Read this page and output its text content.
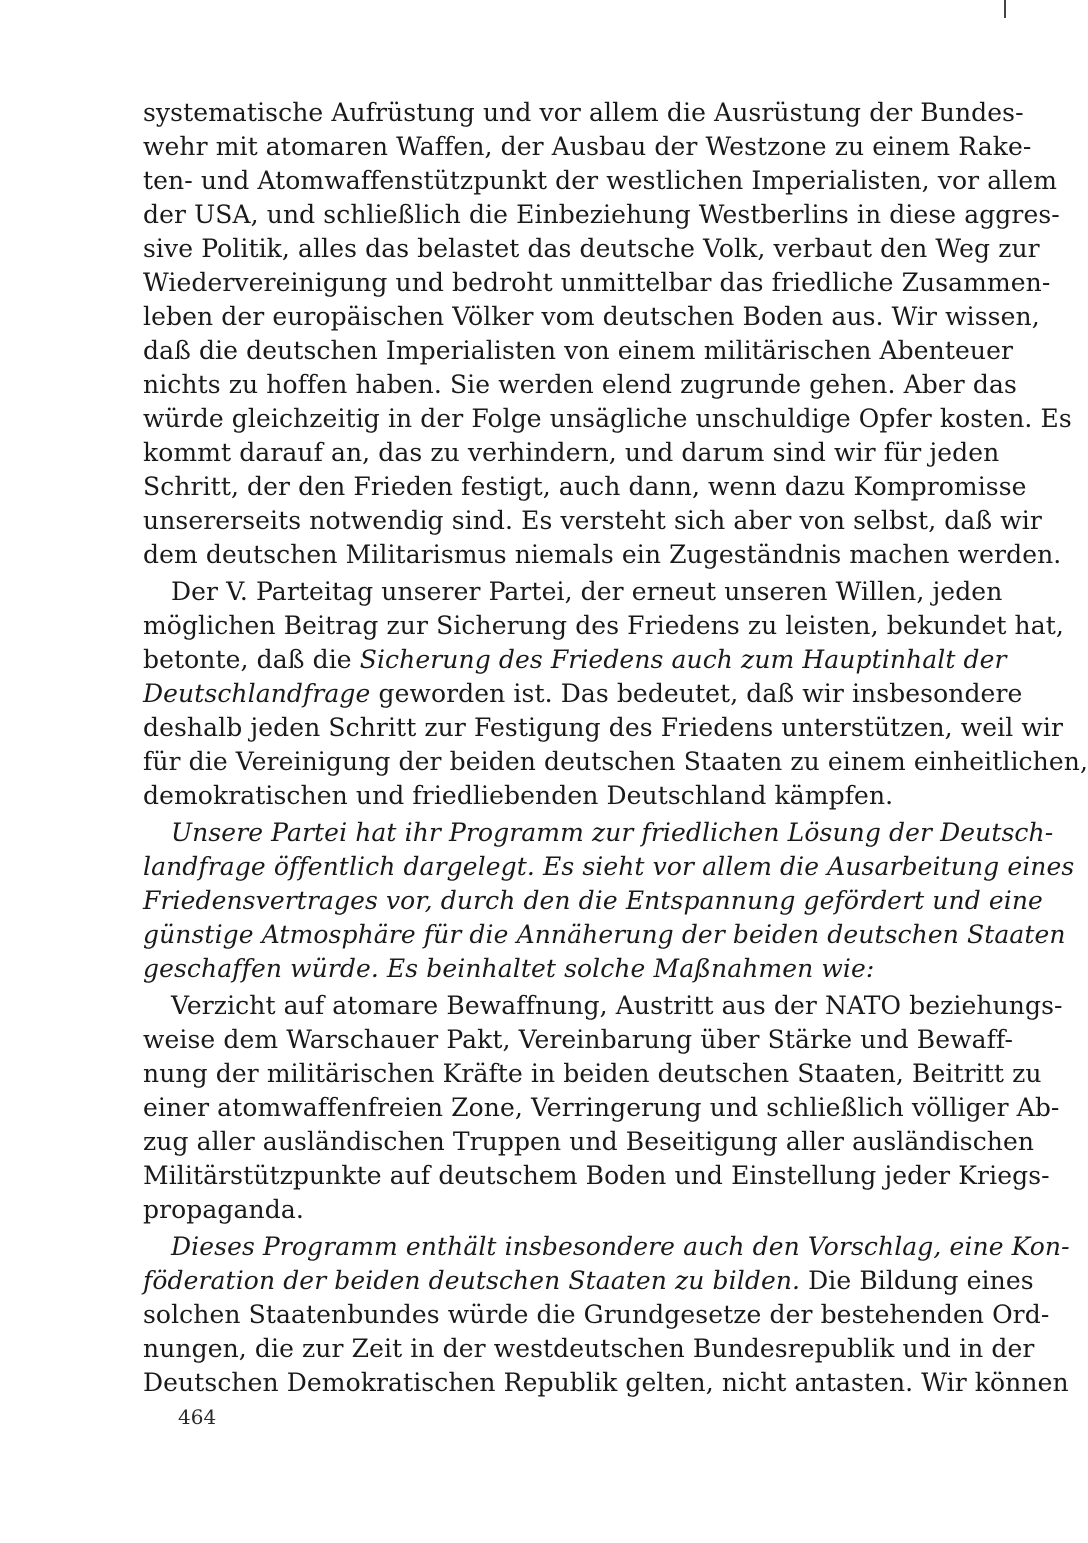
systematische Aufrüstung und vor allem die Ausrüstung der Bundes-
wehr mit atomaren Waffen, der Ausbau der Westzone zu einem Rake-
ten- und Atomwaffenstützpunkt der westlichen Imperialisten, vor allem
der USA, und schließlich die Einbeziehung Westberlins in diese aggres-
sive Politik, alles das belastet das deutsche Volk, verbaut den Weg zur
Wiedervereinigung und bedroht unmittelbar das friedliche Zusammen-
leben der europäischen Völker vom deutschen Boden aus. Wir wissen,
daß die deutschen Imperialisten von einem militärischen Abenteuer
nichts zu hoffen haben. Sie werden elend zugrunde gehen. Aber das
würde gleichzeitig in der Folge unsägliche unschuldige Opfer kosten. Es
kommt darauf an, das zu verhindern, und darum sind wir für jeden
Schritt, der den Frieden festigt, auch dann, wenn dazu Kompromisse
unsererseits notwendig sind. Es versteht sich aber von selbst, daß wir
dem deutschen Militarismus niemals ein Zugeständnis machen werden.
Der V. Parteitag unserer Partei, der erneut unseren Willen, jeden
möglichen Beitrag zur Sicherung des Friedens zu leisten, bekundet hat,
betonte, daß die Sicherung des Friedens auch zum Hauptinhalt der
Deutschlandfrage geworden ist. Das bedeutet, daß wir insbesondere
deshalb jeden Schritt zur Festigung des Friedens unterstützen, weil wir
für die Vereinigung der beiden deutschen Staaten zu einem einheitlichen,
demokratischen und friedliebenden Deutschland kämpfen.
Unsere Partei hat ihr Programm zur friedlichen Lösung der Deutsch-
landfrage öffentlich dargelegt. Es sieht vor allem die Ausarbeitung eines
Friedensvertrages vor, durch den die Entspannung gefördert und eine
günstige Atmosphäre für die Annäherung der beiden deutschen Staaten
geschaffen würde. Es beinhaltet solche Maßnahmen wie:
Verzicht auf atomare Bewaffnung, Austritt aus der NATO beziehungs-
weise dem Warschauer Pakt, Vereinbarung über Stärke und Bewaff-
nung der militärischen Kräfte in beiden deutschen Staaten, Beitritt zu
einer atomwaffenfreien Zone, Verringerung und schließlich völliger Ab-
zug aller ausländischen Truppen und Beseitigung aller ausländischen
Militärstützpunkte auf deutschem Boden und Einstellung jeder Kriegs-
propaganda.
Dieses Programm enthält insbesondere auch den Vorschlag, eine Kon-
föderation der beiden deutschen Staaten zu bilden. Die Bildung eines
solchen Staatenbundes würde die Grundgesetze der bestehenden Ord-
nungen, die zur Zeit in der westdeutschen Bundesrepublik und in der
Deutschen Demokratischen Republik gelten, nicht antasten. Wir können
464
